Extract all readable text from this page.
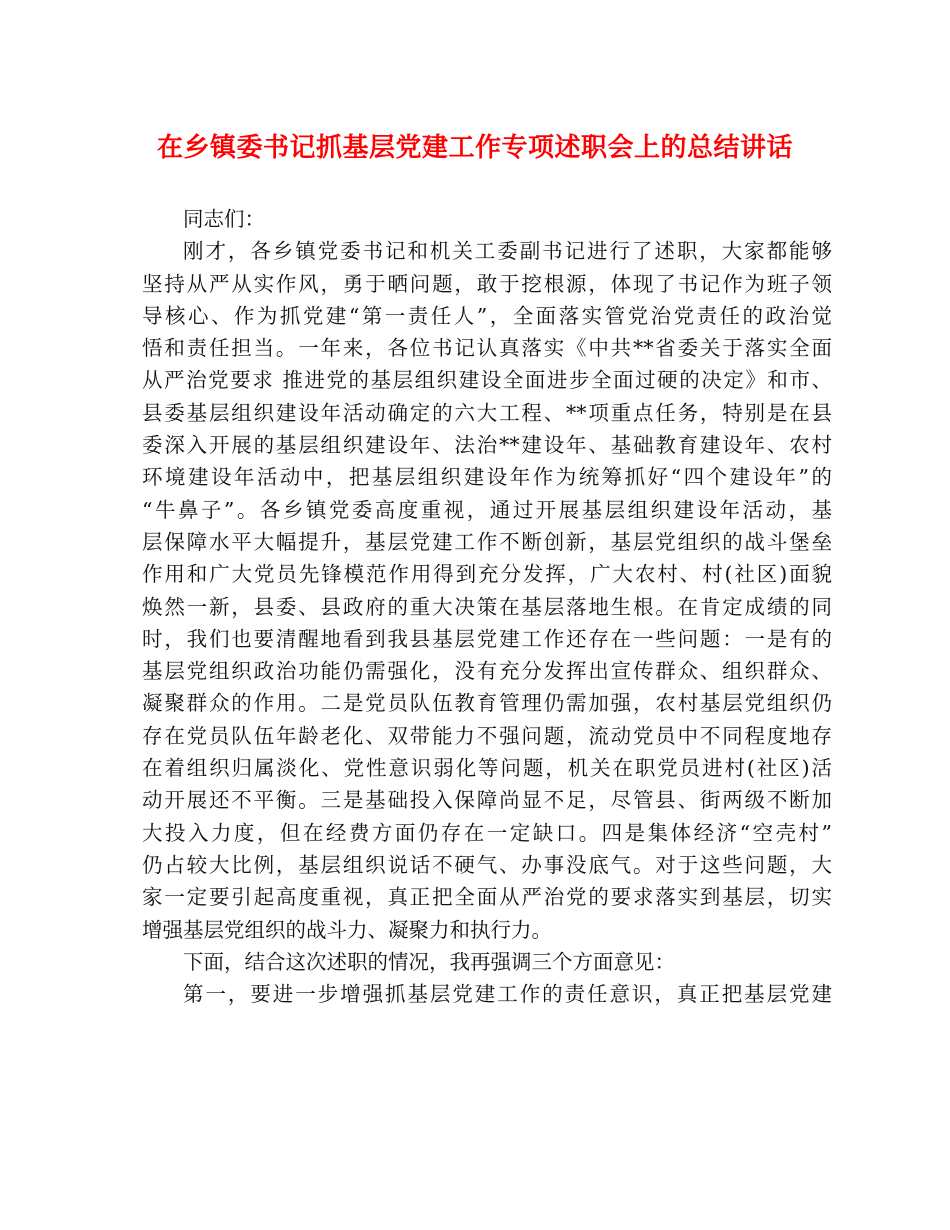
在乡镇委书记抓基层党建工作专项述职会上的总结讲话
同志们：
刚才，各乡镇党委书记和机关工委副书记进行了述职，大家都能够
坚持从严从实作风，勇于晒问题，敢于挖根源，体现了书记作为班子领
导核心、作为抓党建“第一责任人”，全面落实管党治党责任的政治觉
悟和责任担当。一年来，各位书记认真落实《中共**省委关于落实全面
从严治党要求 推进党的基层组织建设全面进步全面过硬的决定》和市、
县委基层组织建设年活动确定的六大工程、**项重点任务，特别是在县
委深入开展的基层组织建设年、法治**建设年、基础教育建设年、农村
环境建设年活动中，把基层组织建设年作为统筹抓好“四个建设年”的
“牛鼻子”。各乡镇党委高度重视，通过开展基层组织建设年活动，基
层保障水平大幅提升，基层党建工作不断创新，基层党组织的战斗堡垒
作用和广大党员先锋模范作用得到充分发挥，广大农村、村(社区)面貌
焕然一新，县委、县政府的重大决策在基层落地生根。在肯定成绩的同
时，我们也要清醒地看到我县基层党建工作还存在一些问题：一是有的
基层党组织政治功能仍需强化，没有充分发挥出宣传群众、组织群众、
凝聚群众的作用。二是党员队伍教育管理仍需加强，农村基层党组织仍
存在党员队伍年龄老化、双带能力不强问题，流动党员中不同程度地存
在着组织归属淡化、党性意识弱化等问题，机关在职党员进村(社区)活
动开展还不平衡。三是基础投入保障尚显不足，尽管县、街两级不断加
大投入力度，但在经费方面仍存在一定缺口。四是集体经济“空壳村”
仍占较大比例，基层组织说话不硬气、办事没底气。对于这些问题，大
家一定要引起高度重视，真正把全面从严治党的要求落实到基层，切实
增强基层党组织的战斗力、凝聚力和执行力。
下面，结合这次述职的情况，我再强调三个方面意见：
第一，要进一步增强抓基层党建工作的责任意识，真正把基层党建
